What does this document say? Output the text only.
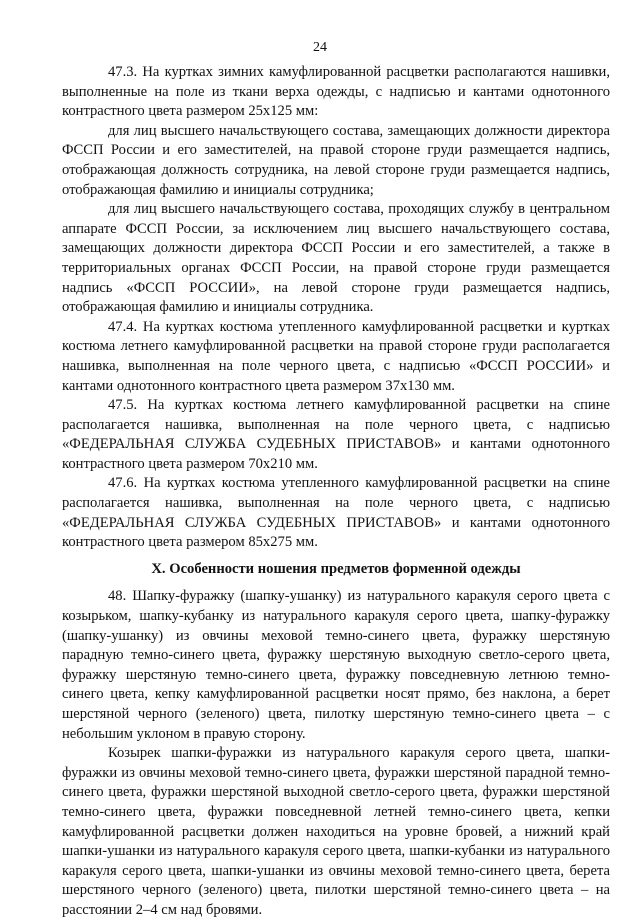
24

47.3. На куртках зимних камуфлированной расцветки располагаются нашивки, выполненные на поле из ткани верха одежды, с надписью и кантами однотонного контрастного цвета размером 25x125 мм:

для лиц высшего начальствующего состава, замещающих должности директора ФССП России и его заместителей, на правой стороне груди размещается надпись, отображающая должность сотрудника, на левой стороне груди размещается надпись, отображающая фамилию и инициалы сотрудника;

для лиц высшего начальствующего состава, проходящих службу в центральном аппарате ФССП России, за исключением лиц высшего начальствующего состава, замещающих должности директора ФССП России и его заместителей, а также в территориальных органах ФССП России, на правой стороне груди размещается надпись «ФССП РОССИИ», на левой стороне груди размещается надпись, отображающая фамилию и инициалы сотрудника.

47.4. На куртках костюма утепленного камуфлированной расцветки и куртках костюма летнего камуфлированной расцветки на правой стороне груди располагается нашивка, выполненная на поле черного цвета, с надписью «ФССП РОССИИ» и кантами однотонного контрастного цвета размером 37x130 мм.

47.5. На куртках костюма летнего камуфлированной расцветки на спине располагается нашивка, выполненная на поле черного цвета, с надписью «ФЕДЕРАЛЬНАЯ СЛУЖБА СУДЕБНЫХ ПРИСТАВОВ» и кантами однотонного контрастного цвета размером 70x210 мм.

47.6. На куртках костюма утепленного камуфлированной расцветки на спине располагается нашивка, выполненная на поле черного цвета, с надписью «ФЕДЕРАЛЬНАЯ СЛУЖБА СУДЕБНЫХ ПРИСТАВОВ» и кантами однотонного контрастного цвета размером 85x275 мм.

X. Особенности ношения предметов форменной одежды

48. Шапку-фуражку (шапку-ушанку) из натурального каракуля серого цвета с козырьком, шапку-кубанку из натурального каракуля серого цвета, шапку-фуражку (шапку-ушанку) из овчины меховой темно-синего цвета, фуражку шерстяную парадную темно-синего цвета, фуражку шерстяную выходную светло-серого цвета, фуражку шерстяную темно-синего цвета, фуражку повседневную летнюю темно-синего цвета, кепку камуфлированной расцветки носят прямо, без наклона, а берет шерстяной черного (зеленого) цвета, пилотку шерстяную темно-синего цвета – с небольшим уклоном в правую сторону.

Козырек шапки-фуражки из натурального каракуля серого цвета, шапки-фуражки из овчины меховой темно-синего цвета, фуражки шерстяной парадной темно-синего цвета, фуражки шерстяной выходной светло-серого цвета, фуражки шерстяной темно-синего цвета, фуражки повседневной летней темно-синего цвета, кепки камуфлированной расцветки должен находиться на уровне бровей, а нижний край шапки-ушанки из натурального каракуля серого цвета, шапки-кубанки из натурального каракуля серого цвета, шапки-ушанки из овчины меховой темно-синего цвета, берета шерстяного черного (зеленого) цвета, пилотки шерстяной темно-синего цвета – на расстоянии 2–4 см над бровями.
